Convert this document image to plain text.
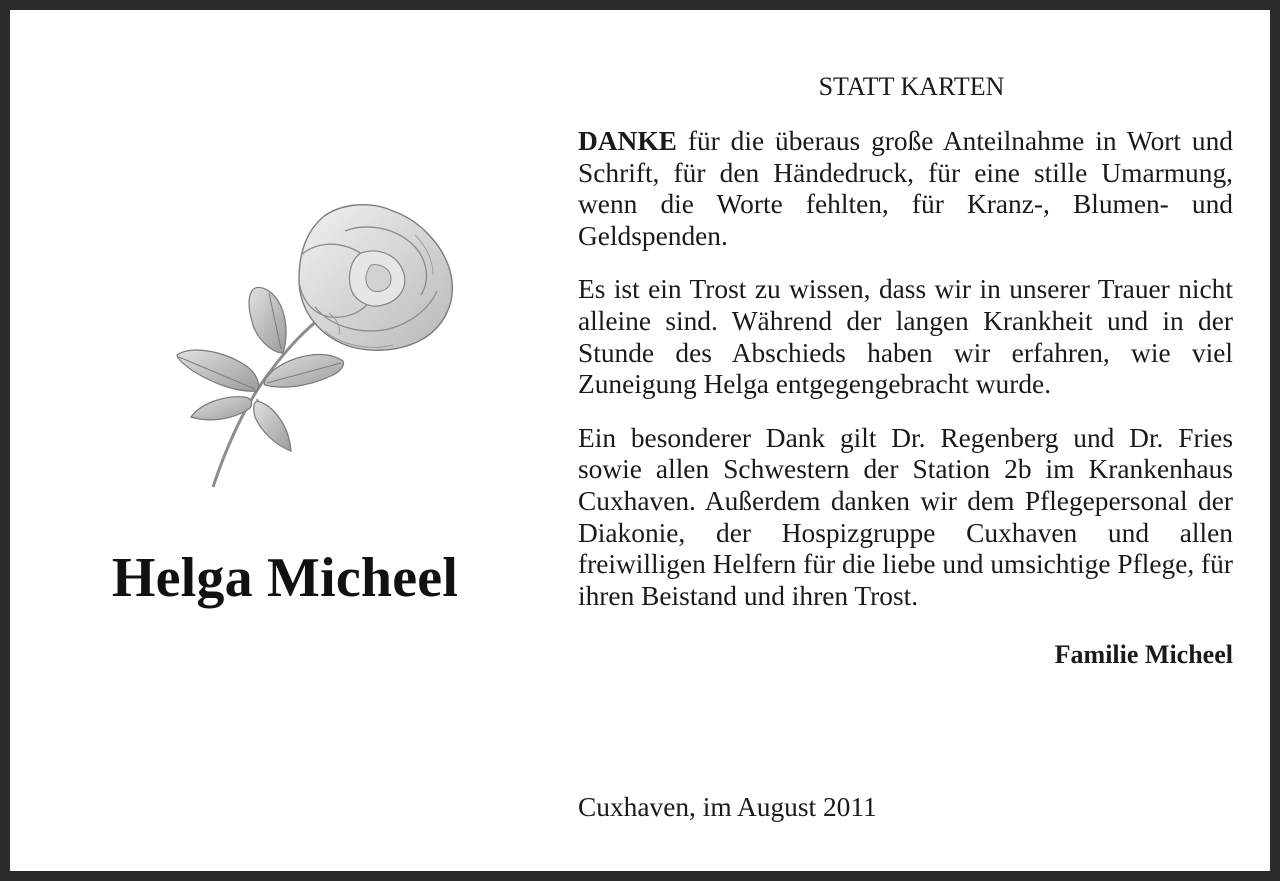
Helga Micheel
STATT KARTEN

DANKE für die überaus große Anteilnahme in Wort und Schrift, für den Händedruck, für eine stille Umarmung, wenn die Worte fehlten, für Kranz-, Blumen- und Geldspenden.

Es ist ein Trost zu wissen, dass wir in unserer Trauer nicht alleine sind. Während der langen Krankheit und in der Stunde des Abschieds haben wir erfahren, wie viel Zuneigung Helga entgegengebracht wurde.

Ein besonderer Dank gilt Dr. Regenberg und Dr. Fries sowie allen Schwestern der Station 2b im Krankenhaus Cuxhaven. Außerdem danken wir dem Pflegepersonal der Diakonie, der Hospizgruppe Cuxhaven und allen freiwilligen Helfern für die liebe und umsichtige Pflege, für ihren Beistand und ihren Trost.

Familie Micheel
Cuxhaven, im August 2011
